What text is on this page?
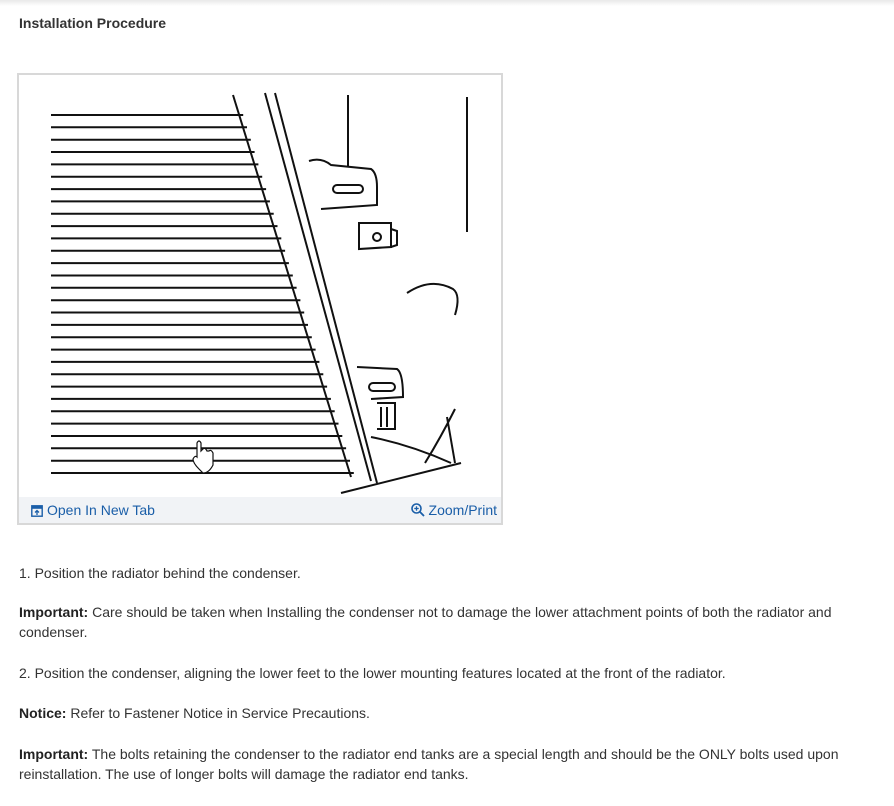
Installation Procedure
Open In New Tab	Zoom/Print

1. Position the radiator behind the condenser.

Important: Care should be taken when Installing the condenser not to damage the lower attachment points of both the radiator and condenser.

2. Position the condenser, aligning the lower feet to the lower mounting features located at the front of the radiator.

Notice: Refer to Fastener Notice in Service Precautions.

Important: The bolts retaining the condenser to the radiator end tanks are a special length and should be the ONLY bolts used upon reinstallation. The use of longer bolts will damage the radiator end tanks.
